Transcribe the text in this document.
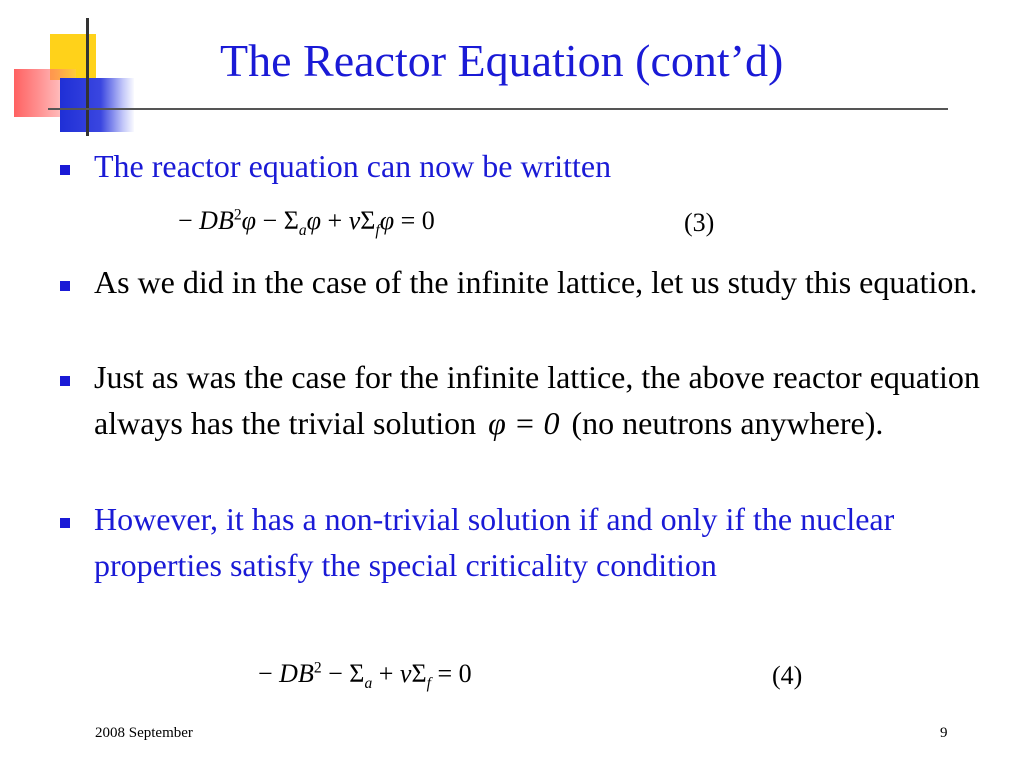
The Reactor Equation (cont’d)
The reactor equation can now be written
− $DB^2\varphi - \Sigma_a\varphi + \nu\Sigma_f\varphi = 0$	(3)
As we did in the case of the infinite lattice, let us study this equation.
Just as was the case for the infinite lattice, the above reactor equation always has the trivial solution φ = 0 (no neutrons anywhere).
However, it has a non-trivial solution if and only if the nuclear properties satisfy the special criticality condition
− $DB^2 - \Sigma_a + \nu\Sigma_f = 0$	(4)
2008 September	9
